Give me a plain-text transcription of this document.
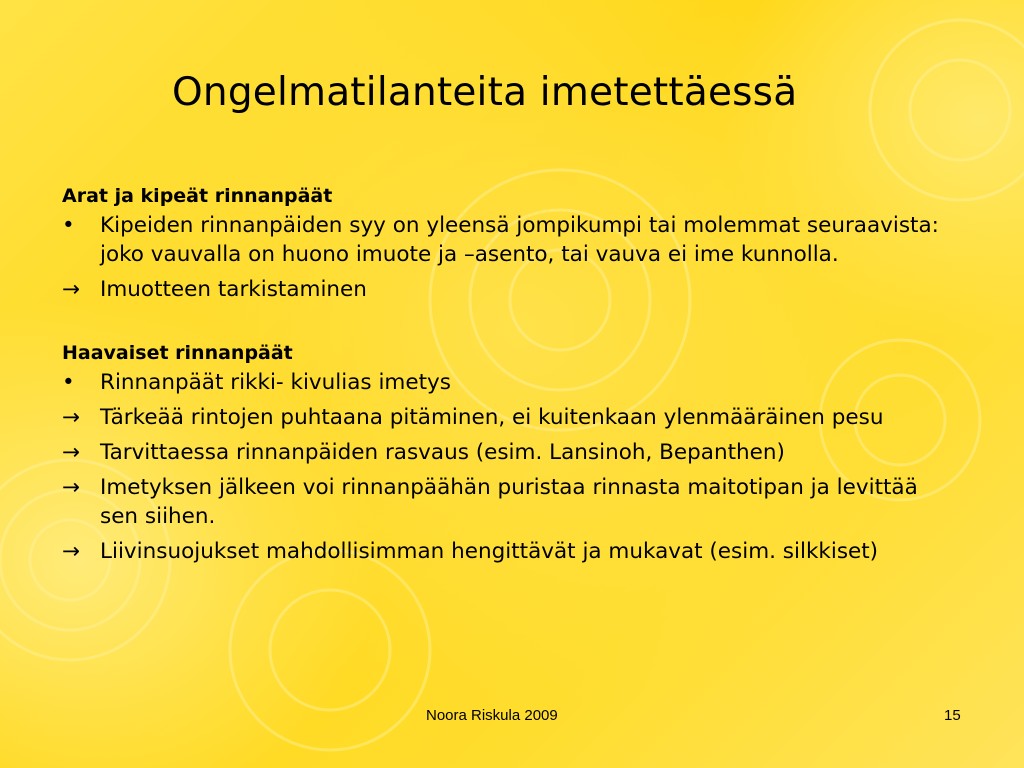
Ongelmatilanteita imetettäessä

Arat ja kipeät rinnanpäät

•	Kipeiden rinnanpäiden syy on yleensä jompikumpi tai molemmat seuraavista: joko vauvalla on huono imuote ja –asento, tai vauva ei ime kunnolla.
→ Imuotteen tarkistaminen

Haavaiset rinnanpäät

•	Rinnanpäät rikki- kivulias imetys
→ Tärkeää rintojen puhtaana pitäminen, ei kuitenkaan ylenmääräinen pesu
→ Tarvittaessa rinnanpäiden rasvaus (esim. Lansinoh, Bepanthen)
→ Imetyksen jälkeen voi rinnanpäähän puristaa rinnasta maitotipan ja levittää sen siihen.
→ Liivinsuojukset mahdollisimman hengittävät ja mukavat (esim. silkkiset)
Noora Riskula 2009	15
